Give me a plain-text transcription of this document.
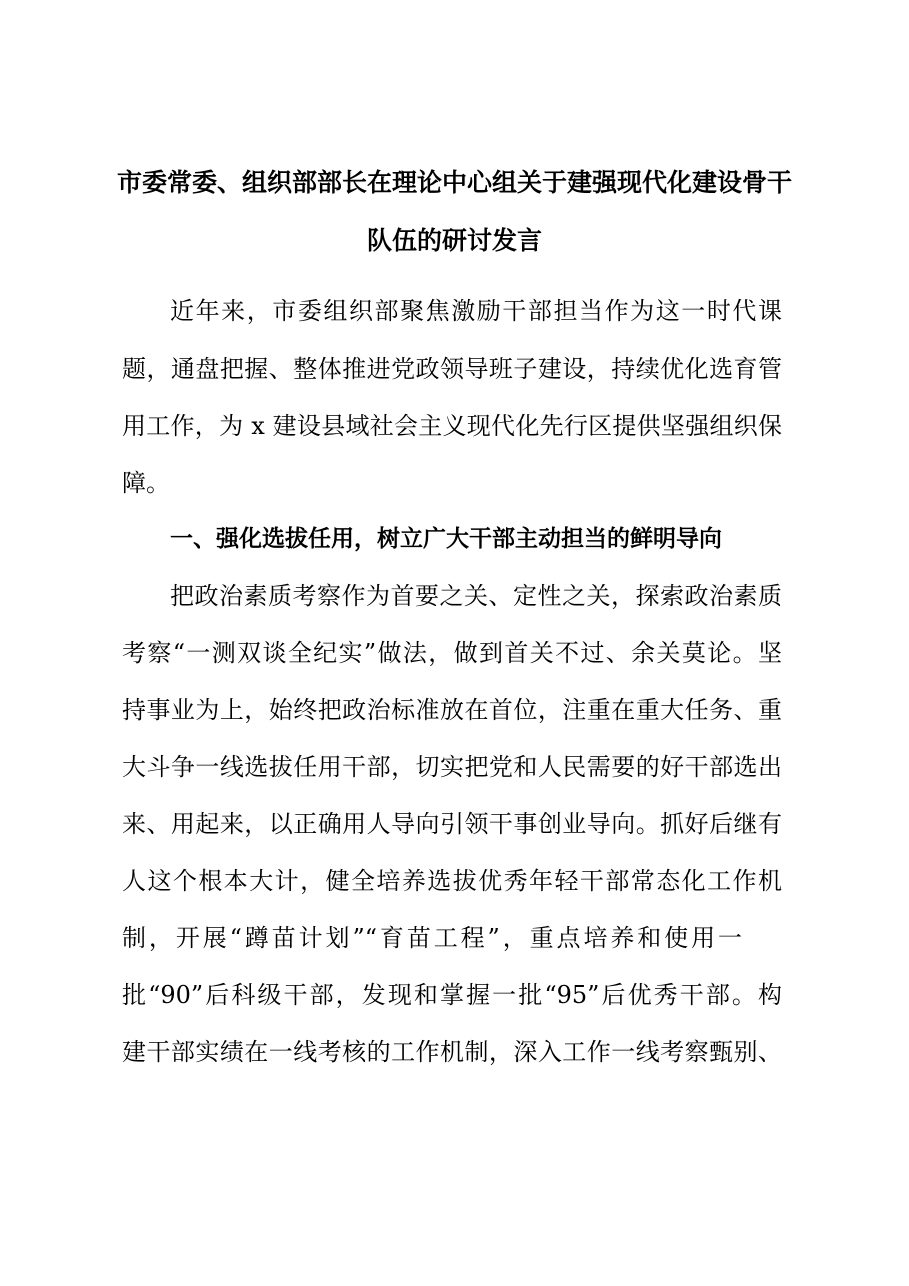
市委常委、组织部部长在理论中心组关于建强现代化建设骨干
队伍的研讨发言
近年来，市委组织部聚焦激励干部担当作为这一时代课
题，通盘把握、整体推进党政领导班子建设，持续优化选育管
用工作，为 x 建设县域社会主义现代化先行区提供坚强组织保
障。
一、强化选拔任用，树立广大干部主动担当的鲜明导向
把政治素质考察作为首要之关、定性之关，探索政治素质
考察“一测双谈全纪实”做法，做到首关不过、余关莫论。坚
持事业为上，始终把政治标准放在首位，注重在重大任务、重
大斗争一线选拔任用干部，切实把党和人民需要的好干部选出
来、用起来，以正确用人导向引领干事创业导向。抓好后继有
人这个根本大计，健全培养选拔优秀年轻干部常态化工作机
制，开展“蹲苗计划”“育苗工程”，重点培养和使用一
批“90”后科级干部，发现和掌握一批“95”后优秀干部。构
建干部实绩在一线考核的工作机制，深入工作一线考察甄别、
